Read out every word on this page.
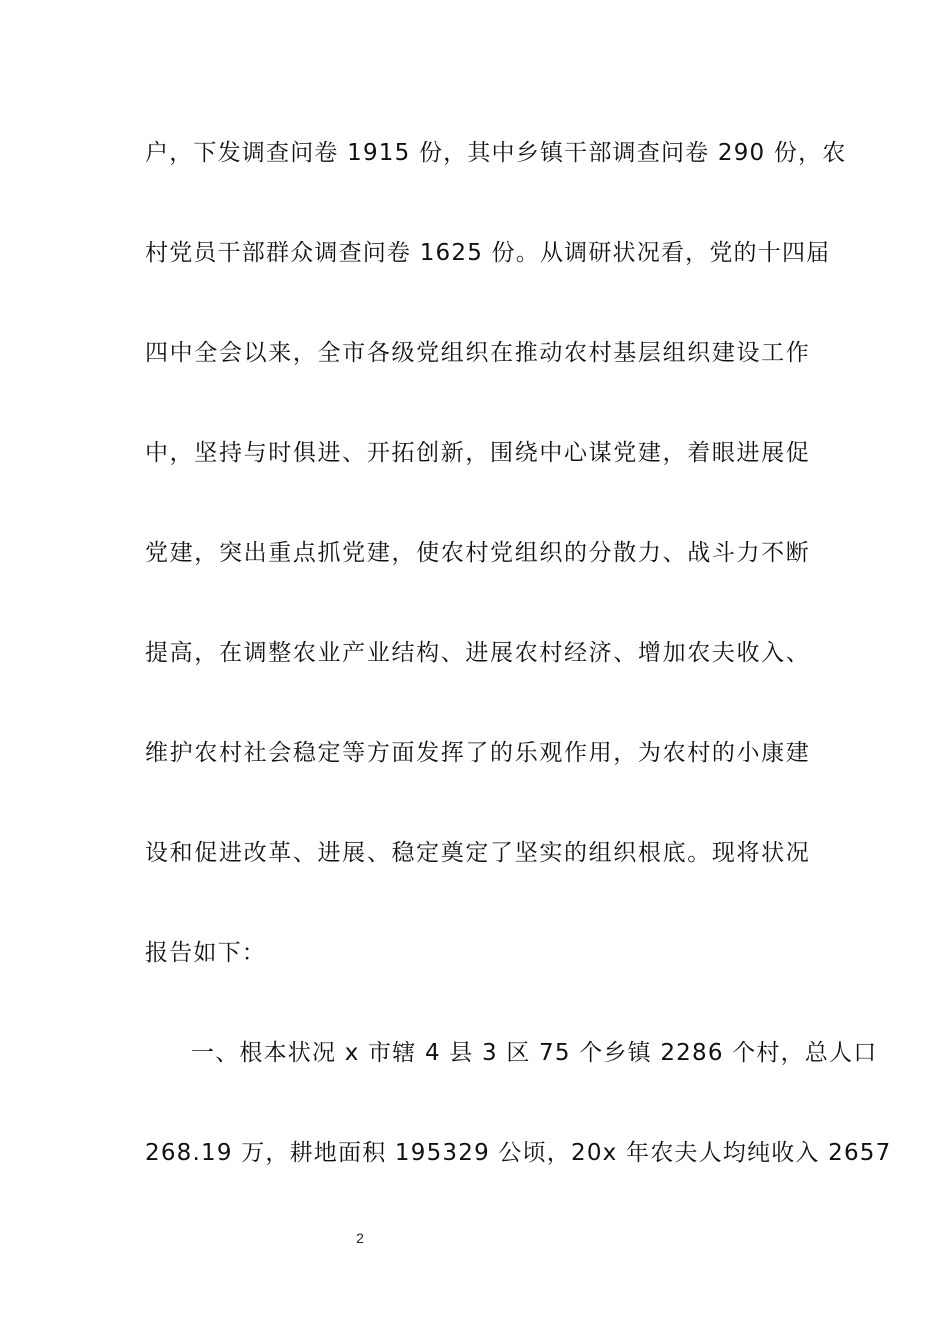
户，下发调查问卷 1915 份，其中乡镇干部调查问卷 290 份，农
村党员干部群众调查问卷 1625 份。从调研状况看，党的十四届
四中全会以来，全市各级党组织在推动农村基层组织建设工作
中，坚持与时俱进、开拓创新，围绕中心谋党建，着眼进展促
党建，突出重点抓党建，使农村党组织的分散力、战斗力不断
提高，在调整农业产业结构、进展农村经济、增加农夫收入、
维护农村社会稳定等方面发挥了的乐观作用，为农村的小康建
设和促进改革、进展、稳定奠定了坚实的组织根底。现将状况
报告如下：
一、根本状况 x 市辖 4 县 3 区 75 个乡镇 2286 个村，总人口
268.19 万，耕地面积 195329 公顷，20x 年农夫人均纯收入 2657
2
